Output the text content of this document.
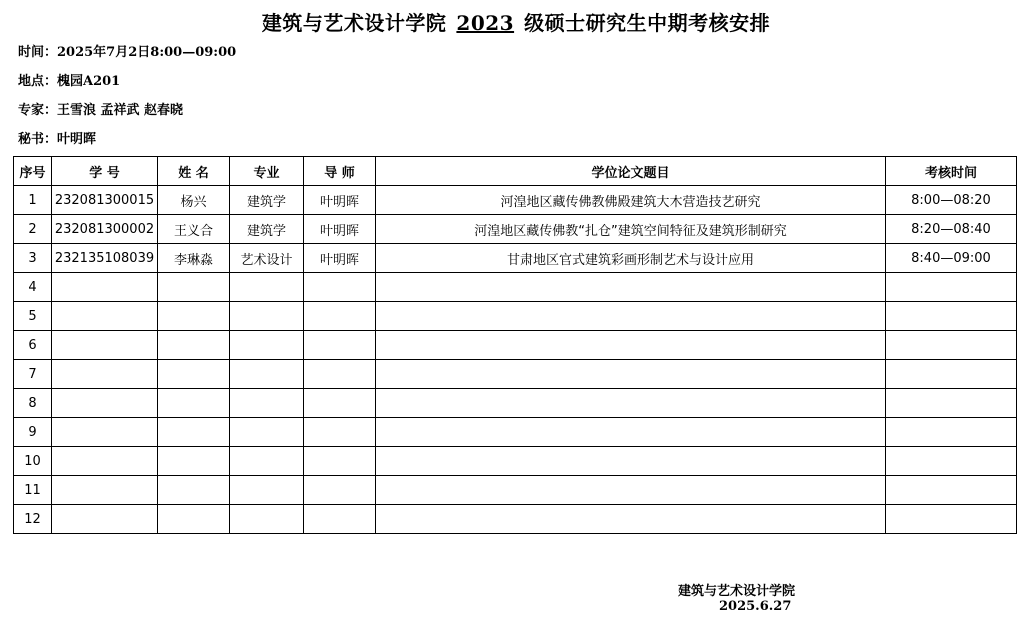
建筑与艺术设计学院 2023 级硕士研究生中期考核安排
时间：2025年7月2日8:00—09:00
地点：槐园A201
专家：王雪浪 孟祥武 赵春晓
秘书：叶明晖
序号	学 号	姓 名	专业	导 师	学位论文题目	考核时间
1	232081300015	杨兴	建筑学	叶明晖	河湟地区藏传佛教佛殿建筑大木营造技艺研究	8:00—08:20
2	232081300002	王义合	建筑学	叶明晖	河湟地区藏传佛教“扎仓”建筑空间特征及建筑形制研究	8:20—08:40
3	232135108039	李琳淼	艺术设计	叶明晖	甘肃地区官式建筑彩画形制艺术与设计应用	8:40—09:00
4						
5						
6						
7						
8						
9						
10						
11						
12						
建筑与艺术设计学院
2025.6.27
